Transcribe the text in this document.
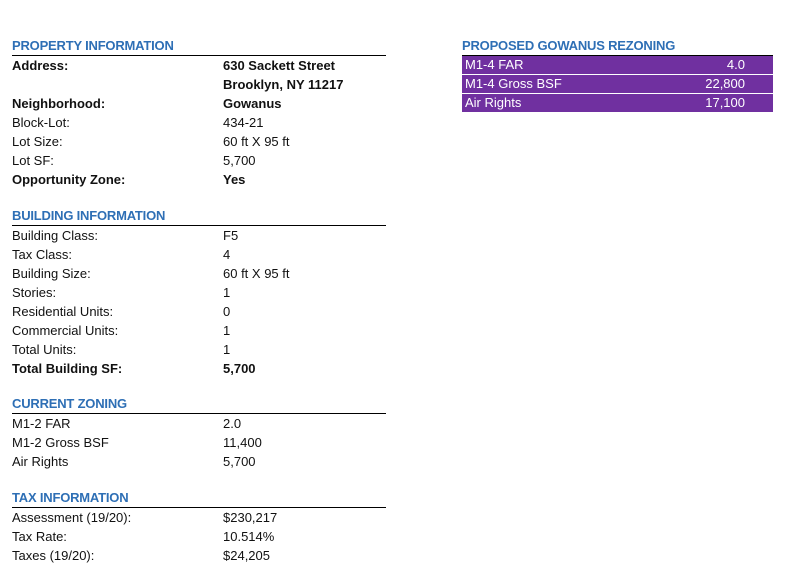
PROPERTY INFORMATION
Address:	630 Sackett Street
Brooklyn, NY 11217
Neighborhood:	Gowanus
Block-Lot:	434-21
Lot Size:	60 ft X 95 ft
Lot SF:	5,700
Opportunity Zone:	Yes
BUILDING INFORMATION
Building Class:	F5
Tax Class:	4
Building Size:	60 ft X 95 ft
Stories:	1
Residential Units:	0
Commercial Units:	1
Total Units:	1
Total Building SF:	5,700
CURRENT ZONING
M1-2 FAR	2.0
M1-2 Gross BSF	11,400
Air Rights	5,700
TAX INFORMATION
Assessment (19/20):	$230,217
Tax Rate:	10.514%
Taxes (19/20):	$24,205
PROPOSED GOWANUS REZONING
M1-4 FAR	4.0
M1-4 Gross BSF	22,800
Air Rights	17,100
